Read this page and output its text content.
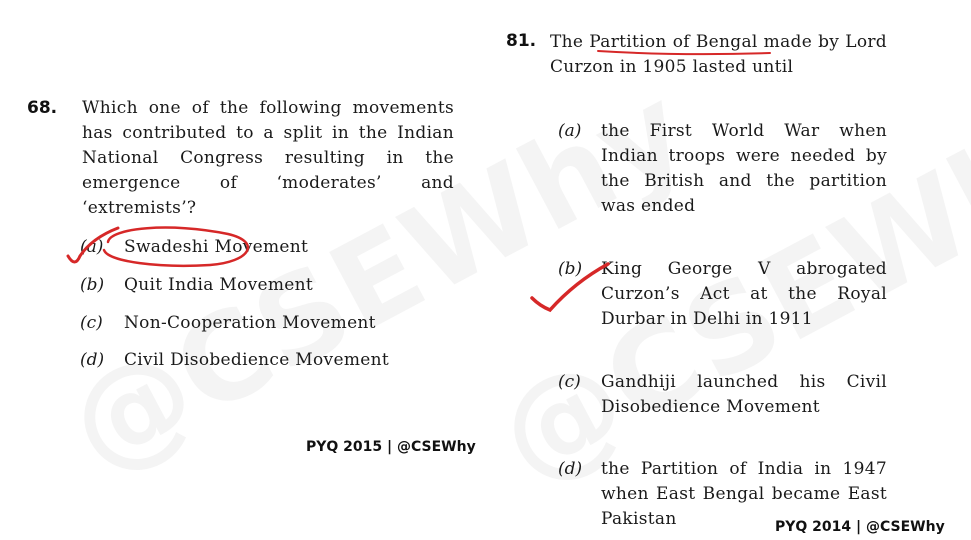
68. Which one of the following movements has contributed to a split in the Indian National Congress resulting in the emergence of ‘moderates’ and ‘extremists’?
(a) Swadeshi Movement
(b) Quit India Movement
(c) Non-Cooperation Movement
(d) Civil Disobedience Movement
PYQ 2015 | @CSEWhy
81. The Partition of Bengal made by Lord Curzon in 1905 lasted until
(a) the First World War when Indian troops were needed by the British and the partition was ended
(b) King George V abrogated Curzon’s Act at the Royal Durbar in Delhi in 1911
(c) Gandhiji launched his Civil Disobedience Movement
(d) the Partition of India in 1947 when East Bengal became East Pakistan	PYQ 2014 | @CSEWhy
